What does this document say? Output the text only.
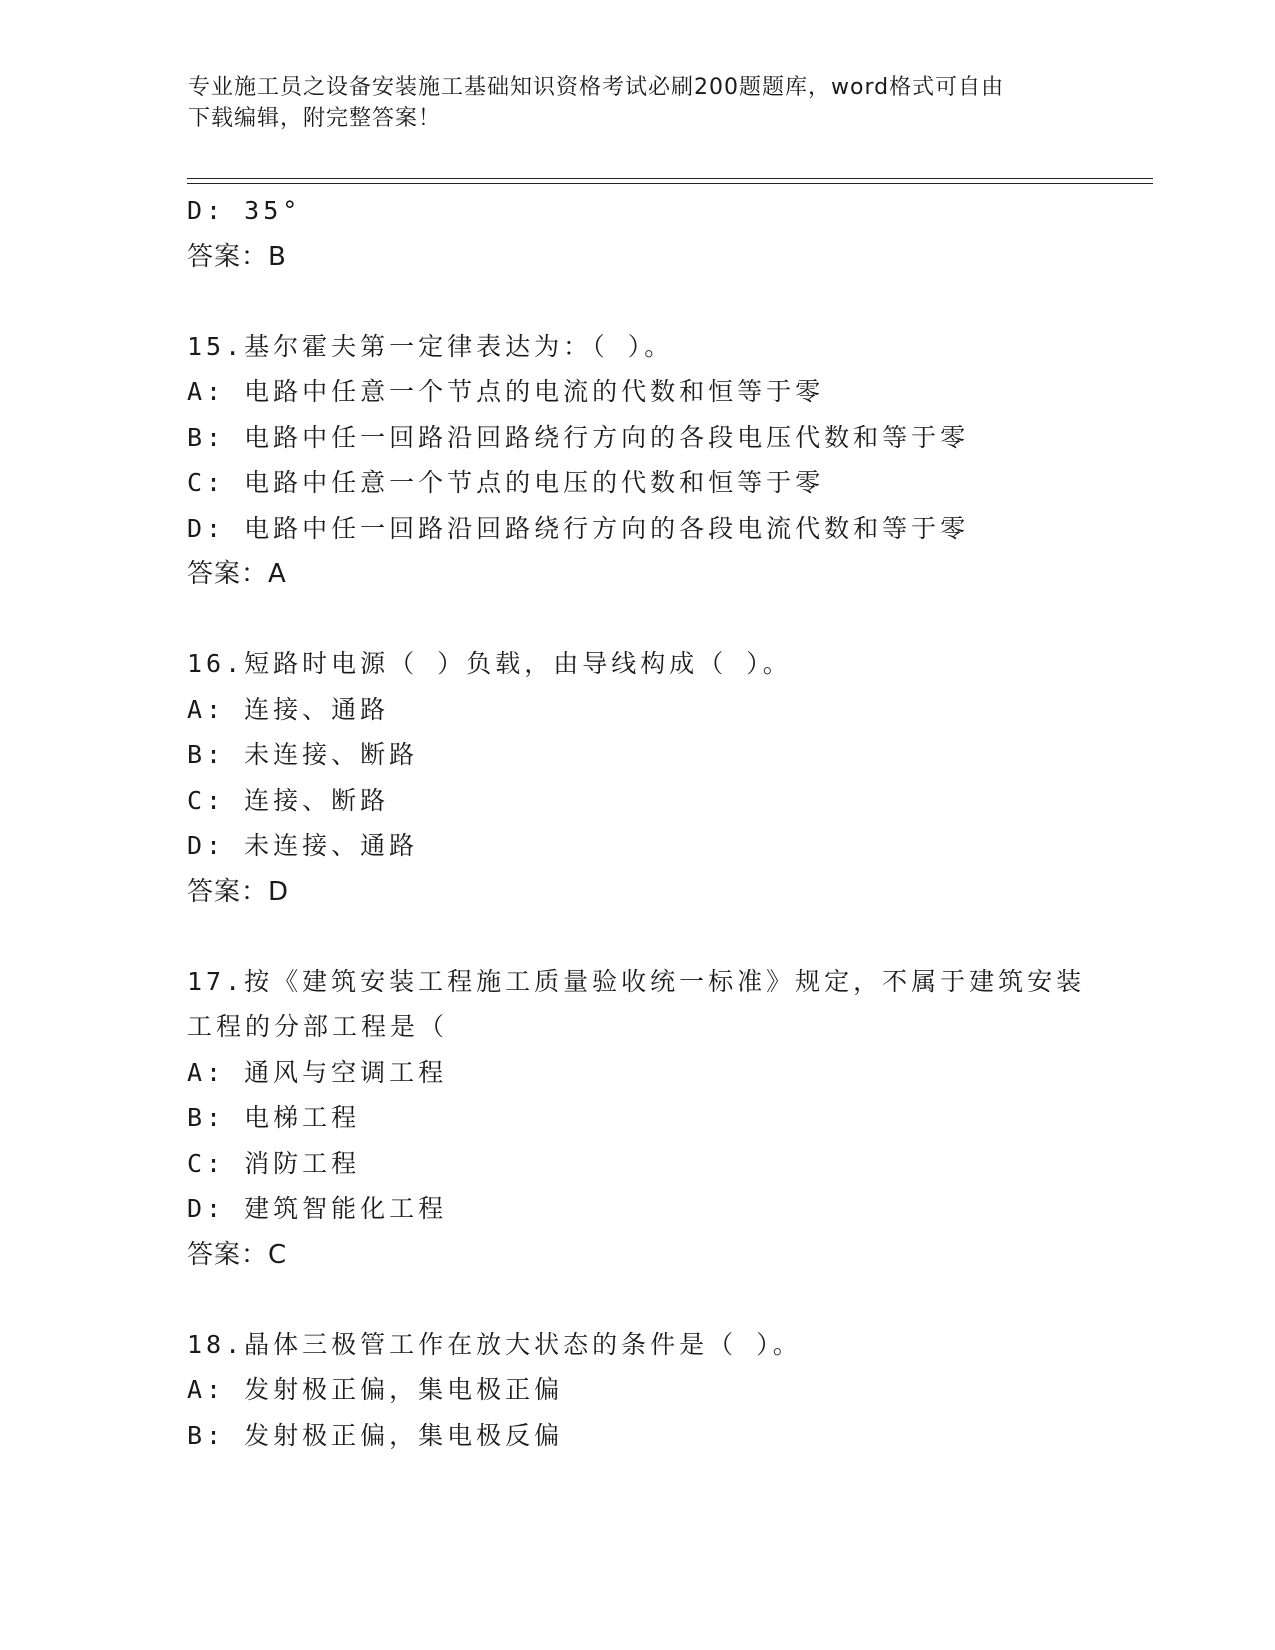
专业施工员之设备安装施工基础知识资格考试必刷200题题库，word格式可自由
下载编辑，附完整答案！
D: 35°
答案：B
15.基尔霍夫第一定律表达为：（ ）。
A: 电路中任意一个节点的电流的代数和恒等于零
B: 电路中任一回路沿回路绕行方向的各段电压代数和等于零
C: 电路中任意一个节点的电压的代数和恒等于零
D: 电路中任一回路沿回路绕行方向的各段电流代数和等于零
答案：A
16.短路时电源（ ）负载，由导线构成（ ）。
A: 连接、通路
B: 未连接、断路
C: 连接、断路
D: 未连接、通路
答案：D
17.按《建筑安装工程施工质量验收统一标准》规定，不属于建筑安装
工程的分部工程是（
A: 通风与空调工程
B: 电梯工程
C: 消防工程
D: 建筑智能化工程
答案：C
18.晶体三极管工作在放大状态的条件是（ ）。
A: 发射极正偏，集电极正偏
B: 发射极正偏，集电极反偏
